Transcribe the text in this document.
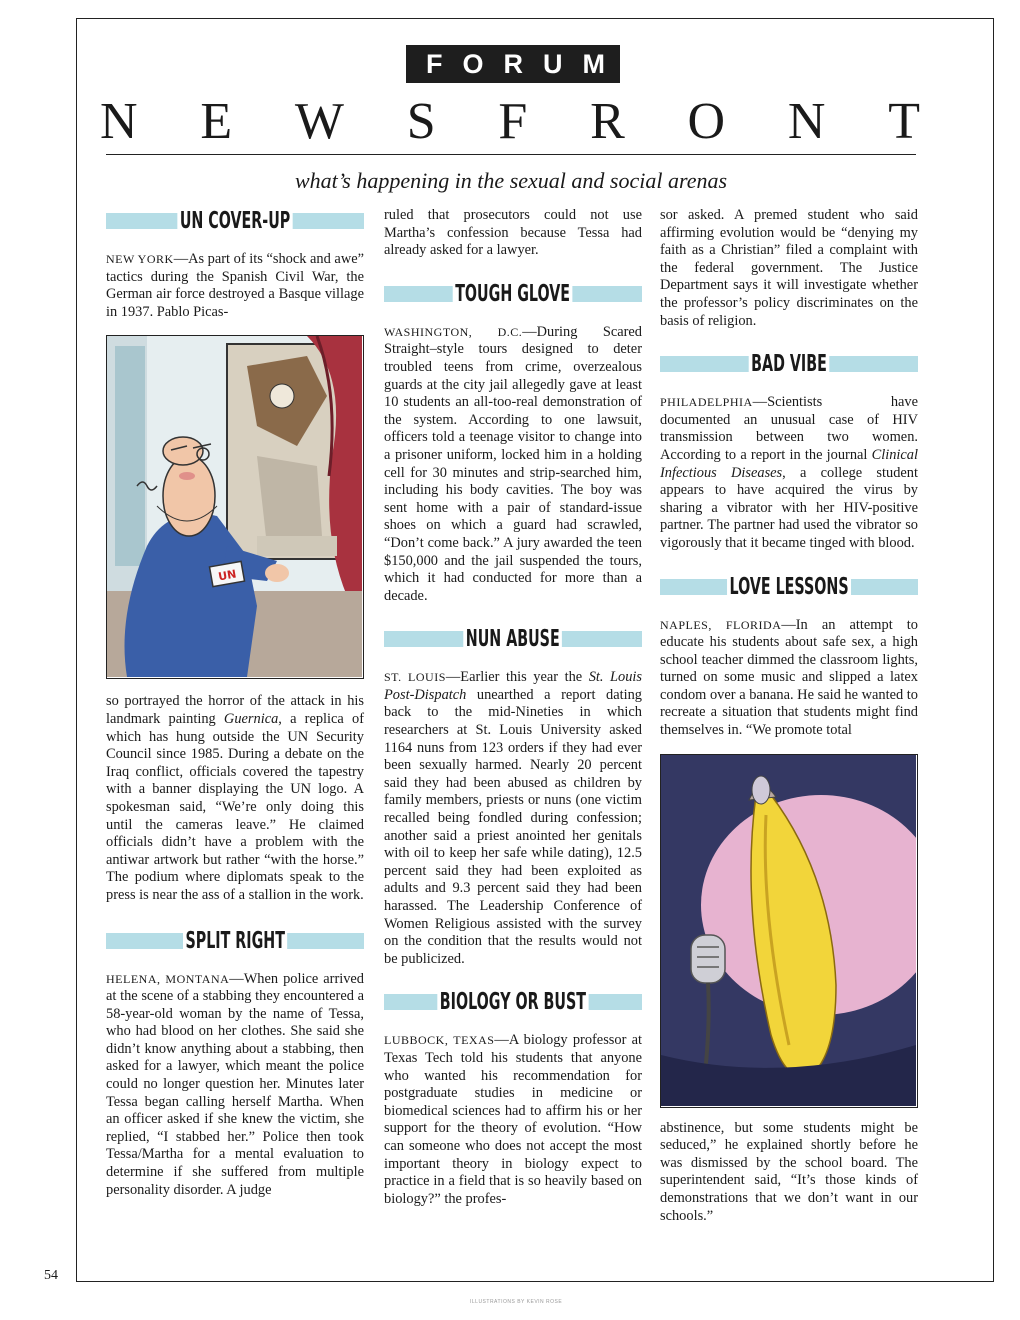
FORUM
N E W S F R O N T
what’s happening in the sexual and social arenas
UN COVER-UP

NEW YORK—As part of its “shock and awe” tactics during the Spanish Civil War, the German air force destroyed a Basque village in 1937. Pablo Picas-

UN

so portrayed the horror of the attack in his landmark painting Guernica, a replica of which has hung outside the UN Security Council since 1985. During a debate on the Iraq conflict, officials covered the tapestry with a banner displaying the UN logo. A spokesman said, “We’re only doing this until the cameras leave.” He claimed officials didn’t have a problem with the antiwar artwork but rather “with the horse.” The podium where diplomats speak to the press is near the ass of a stallion in the work.

SPLIT RIGHT

HELENA, MONTANA—When police arrived at the scene of a stabbing they encountered a 58-year-old woman by the name of Tessa, who had blood on her clothes. She said she didn’t know anything about a stabbing, then asked for a lawyer, which meant the police could no longer question her. Minutes later Tessa began calling herself Martha. When an officer asked if she knew the victim, she replied, “I stabbed her.” Police then took Tessa/Martha for a mental evaluation to determine if she suffered from multiple personality disorder. A judge

ruled that prosecutors could not use Martha’s confession because Tessa had already asked for a lawyer.

TOUGH GLOVE

WASHINGTON, D.C.—During Scared Straight–style tours designed to deter troubled teens from crime, overzealous guards at the city jail allegedly gave at least 10 students an all-too-real demonstration of the system. According to one lawsuit, officers told a teenage visitor to change into a prisoner uniform, locked him in a holding cell for 30 minutes and strip-searched him, including his body cavities. The boy was sent home with a pair of standard-issue shoes on which a guard had scrawled, “Don’t come back.” A jury awarded the teen $150,000 and the jail suspended the tours, which it had conducted for more than a decade.

NUN ABUSE

ST. LOUIS—Earlier this year the St. Louis Post-Dispatch unearthed a report dating back to the mid-Nineties in which researchers at St. Louis University asked 1164 nuns from 123 orders if they had ever been sexually harmed. Nearly 20 percent said they had been abused as children by family members, priests or nuns (one victim recalled being fondled during confession; another said a priest anointed her genitals with oil to keep her safe while dating), 12.5 percent said they had been exploited as adults and 9.3 percent said they had been harassed. The Leadership Conference of Women Religious assisted with the survey on the condition that the results would not be publicized.

BIOLOGY OR BUST

LUBBOCK, TEXAS—A biology professor at Texas Tech told his students that anyone who wanted his recommendation for postgraduate studies in medicine or biomedical sciences had to affirm his or her support for the theory of evolution. “How can someone who does not accept the most important theory in biology expect to practice in a field that is so heavily based on biology?” the profes-

sor asked. A premed student who said affirming evolution would be “denying my faith as a Christian” filed a complaint with the federal government. The Justice Department says it will investigate whether the professor’s policy discriminates on the basis of religion.

BAD VIBE

PHILADELPHIA—Scientists have documented an unusual case of HIV transmission between two women. According to a report in the journal Clinical Infectious Diseases, a college student appears to have acquired the virus by sharing a vibrator with her HIV-positive partner. The partner had used the vibrator so vigorously that it became tinged with blood.

LOVE LESSONS

NAPLES, FLORIDA—In an attempt to educate his students about safe sex, a high school teacher dimmed the classroom lights, turned on some music and slipped a latex condom over a banana. He said he wanted to recreate a situation that students might find themselves in. “We promote total

abstinence, but some students might be seduced,” he explained shortly before he was dismissed by the school board. The superintendent said, “It’s those kinds of demonstrations that we don’t want in our schools.”

54
ILLUSTRATIONS BY KEVIN ROSE
